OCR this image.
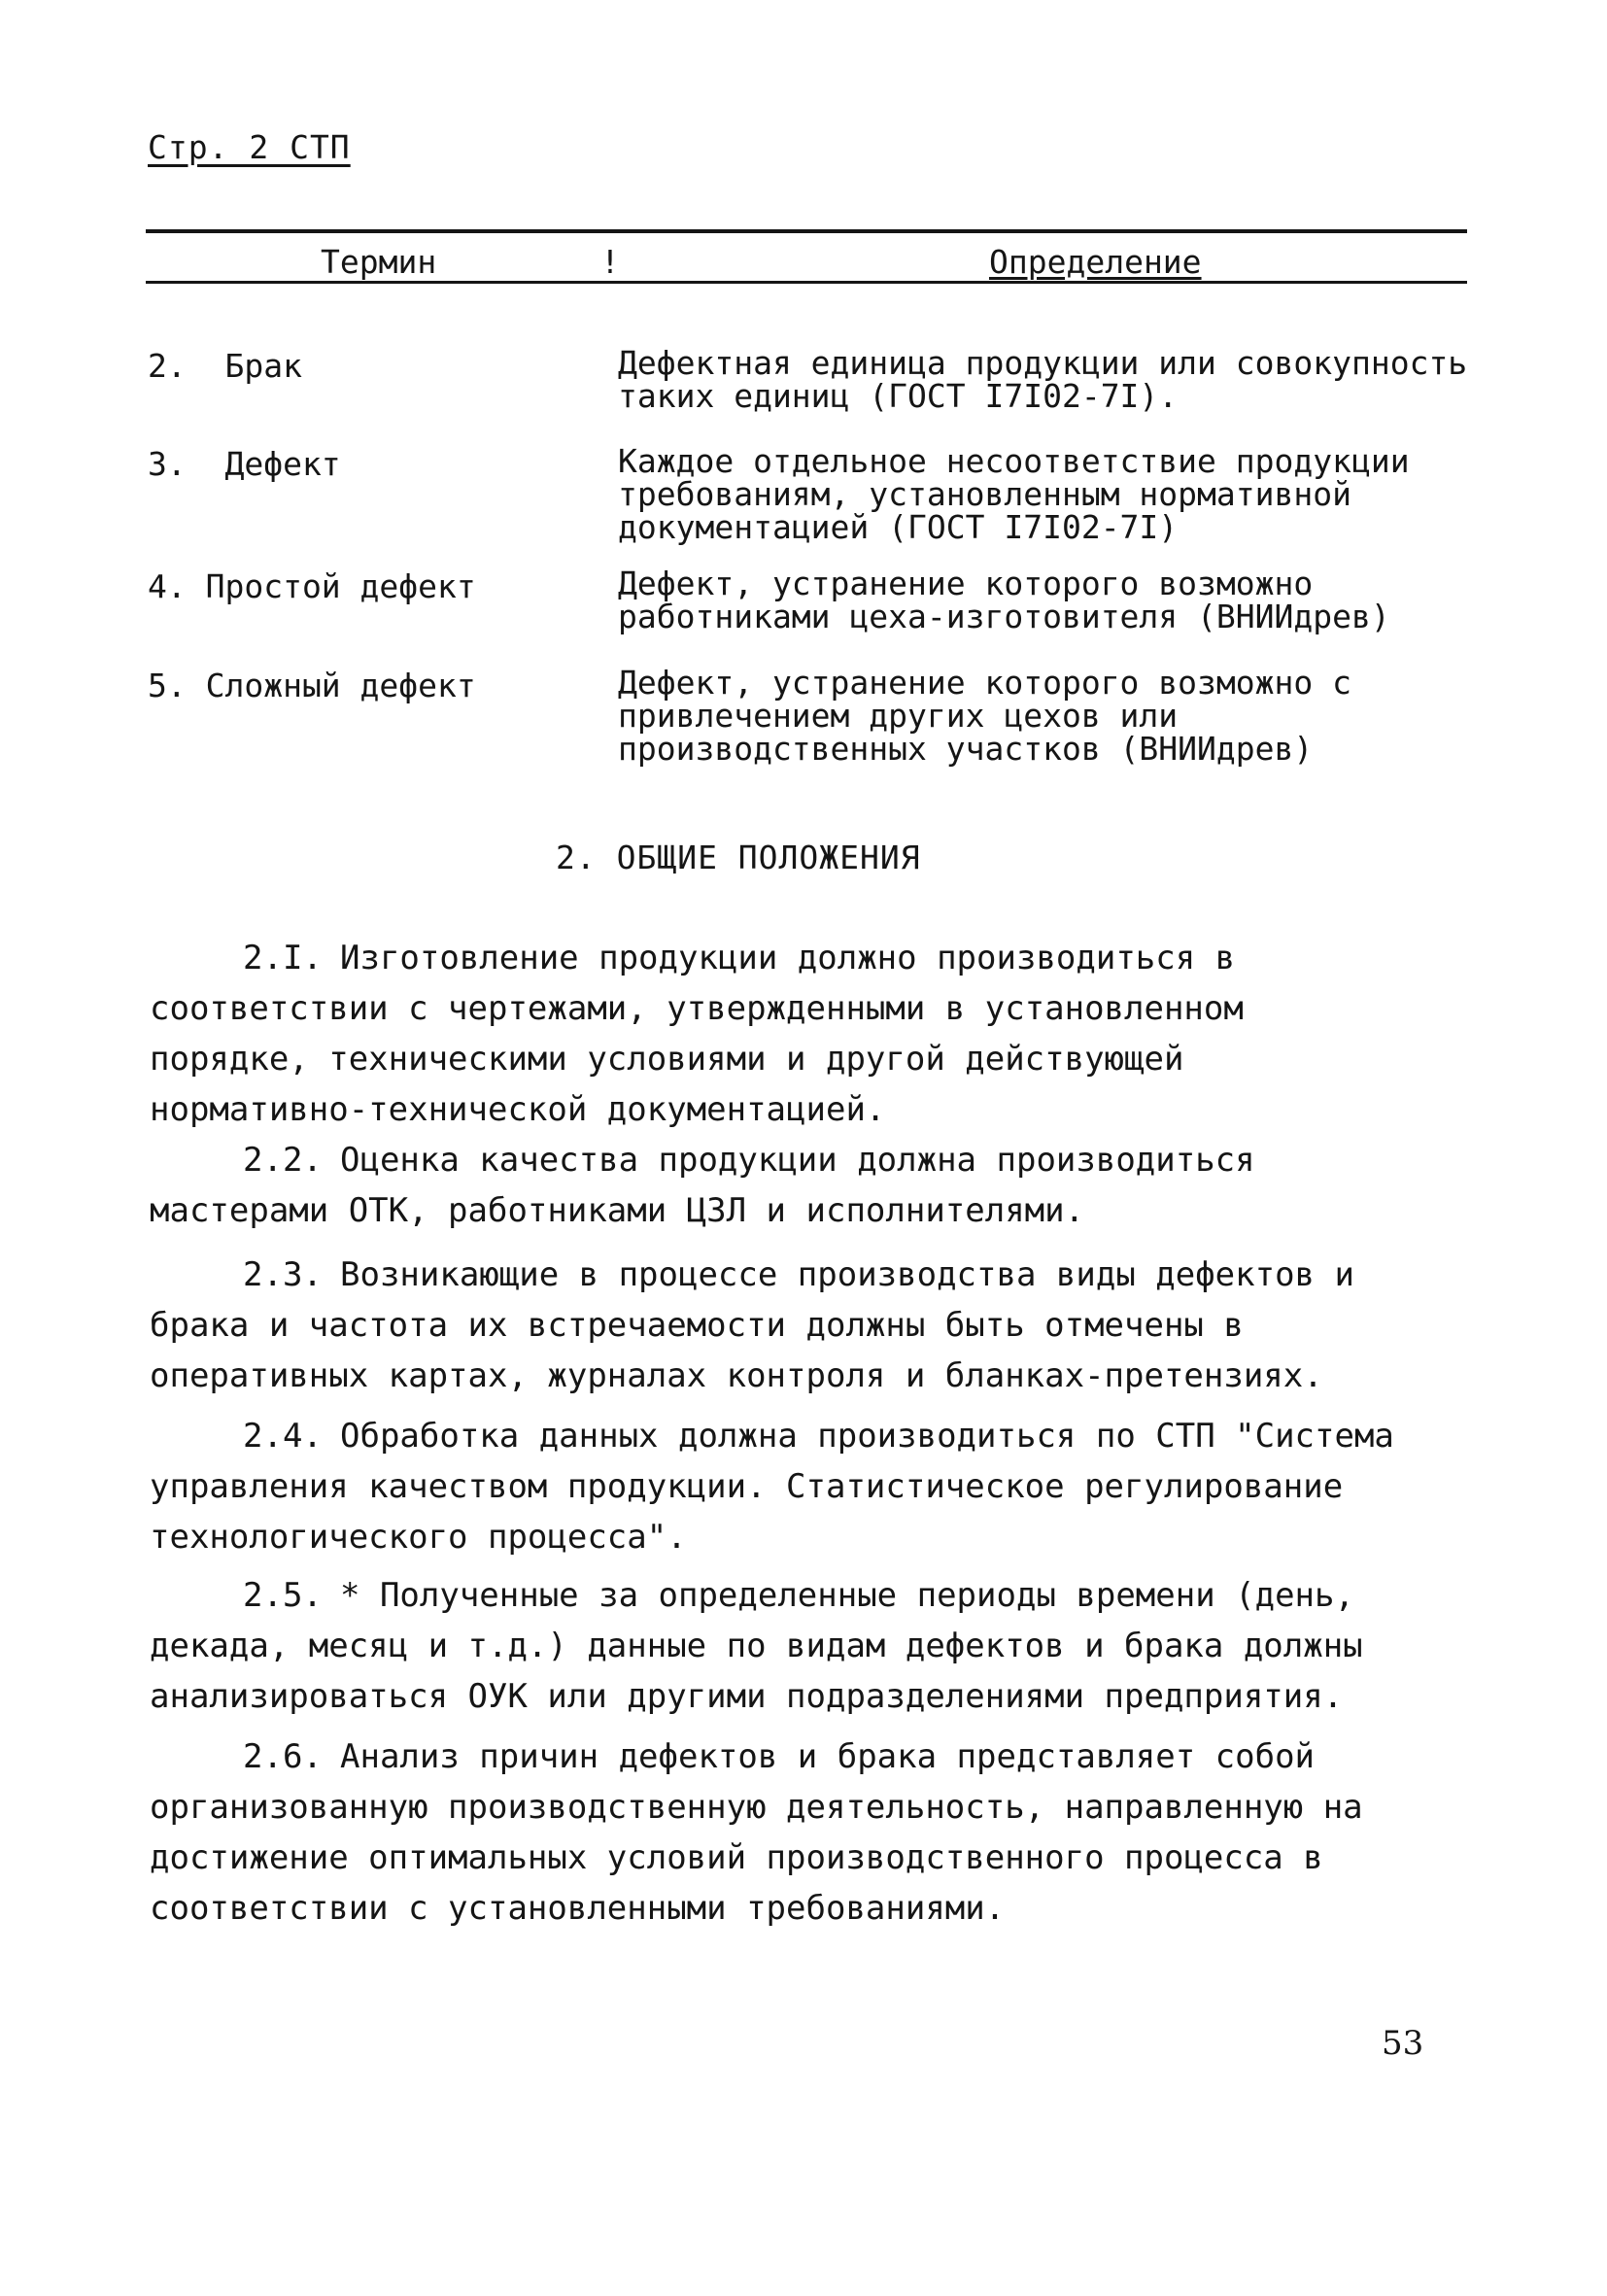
Стр. 2 СТП
Термин	!	Определение
2.  Брак	Дефектная единица продукции или совокупность таких единиц (ГОСТ I7I02-7I).
3.  Дефект	Каждое отдельное несоответствие продукции требованиям, установленным нормативной документацией (ГОСТ I7I02-7I)
4. Простой дефект	Дефект, устранение которого возможно работниками цеха-изготовителя (ВНИИдрев)
5. Сложный дефект	Дефект, устранение которого возможно с привлечением других цехов или производственных участков (ВНИИдрев)
2. ОБЩИЕ ПОЛОЖЕНИЯ
2.I. Изготовление продукции должно производиться в соответствии с чертежами, утвержденными в установленном порядке, техническими условиями и другой действующей нормативно-технической документацией.
2.2. Оценка качества продукции должна производиться мастерами ОТК, работниками ЦЗЛ и исполнителями.
2.3. Возникающие в процессе производства виды дефектов и брака и частота их встречаемости должны быть отмечены в оперативных картах, журналах контроля и бланках-претензиях.
2.4. Обработка данных должна производиться по СТП "Система управления качеством продукции. Статистическое регулирование технологического процесса".
2.5. * Полученные за определенные периоды времени (день, декада, месяц и т.д.) данные по видам дефектов и брака должны анализироваться ОУК или другими подразделениями предприятия.
2.6. Анализ причин дефектов и брака представляет собой организованную производственную деятельность, направленную на достижение оптимальных условий производственного процесса в соответствии с установленными требованиями.
53
